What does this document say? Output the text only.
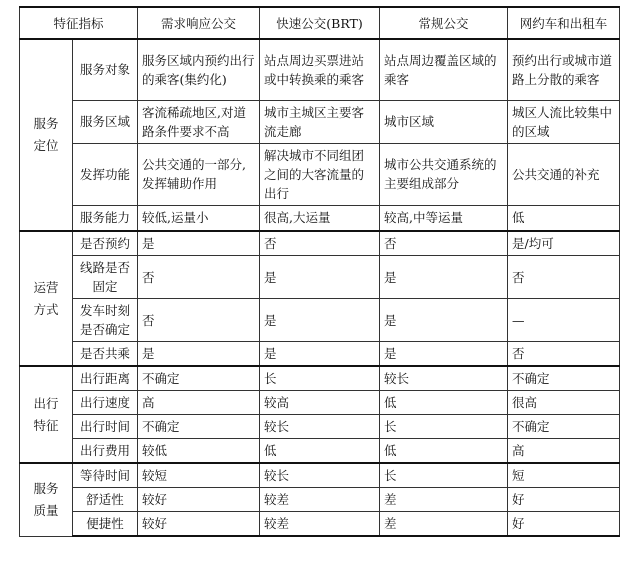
特征指标		需求响应公交	快速公交(BRT)	常规公交	网约车和出租车
服务
定位	服务对象	服务区域内预约出行的乘客(集约化)	站点周边买票进站或中转换乘的乘客	站点周边覆盖区域的乘客	预约出行或城市道路上分散的乘客
	服务区域	客流稀疏地区,对道路条件要求不高	城市主城区主要客流走廊	城市区域	城区人流比较集中的区域
	发挥功能	公共交通的一部分,发挥辅助作用	解决城市不同组团之间的大客流量的出行	城市公共交通系统的主要组成部分	公共交通的补充
	服务能力	较低,运量小	很高,大运量	较高,中等运量	低
运营
方式	是否预约	是	否	否	是/均可
	线路是否固定	否	是	是	否
	发车时刻是否确定	否	是	是	—
	是否共乘	是	是	是	否
出行
特征	出行距离	不确定	长	较长	不确定
	出行速度	高	较高	低	很高
	出行时间	不确定	较长	长	不确定
	出行费用	较低	低	低	高
服务
质量	等待时间	较短	较长	长	短
	舒适性	较好	较差	差	好
	便捷性	较好	较差	差	好
